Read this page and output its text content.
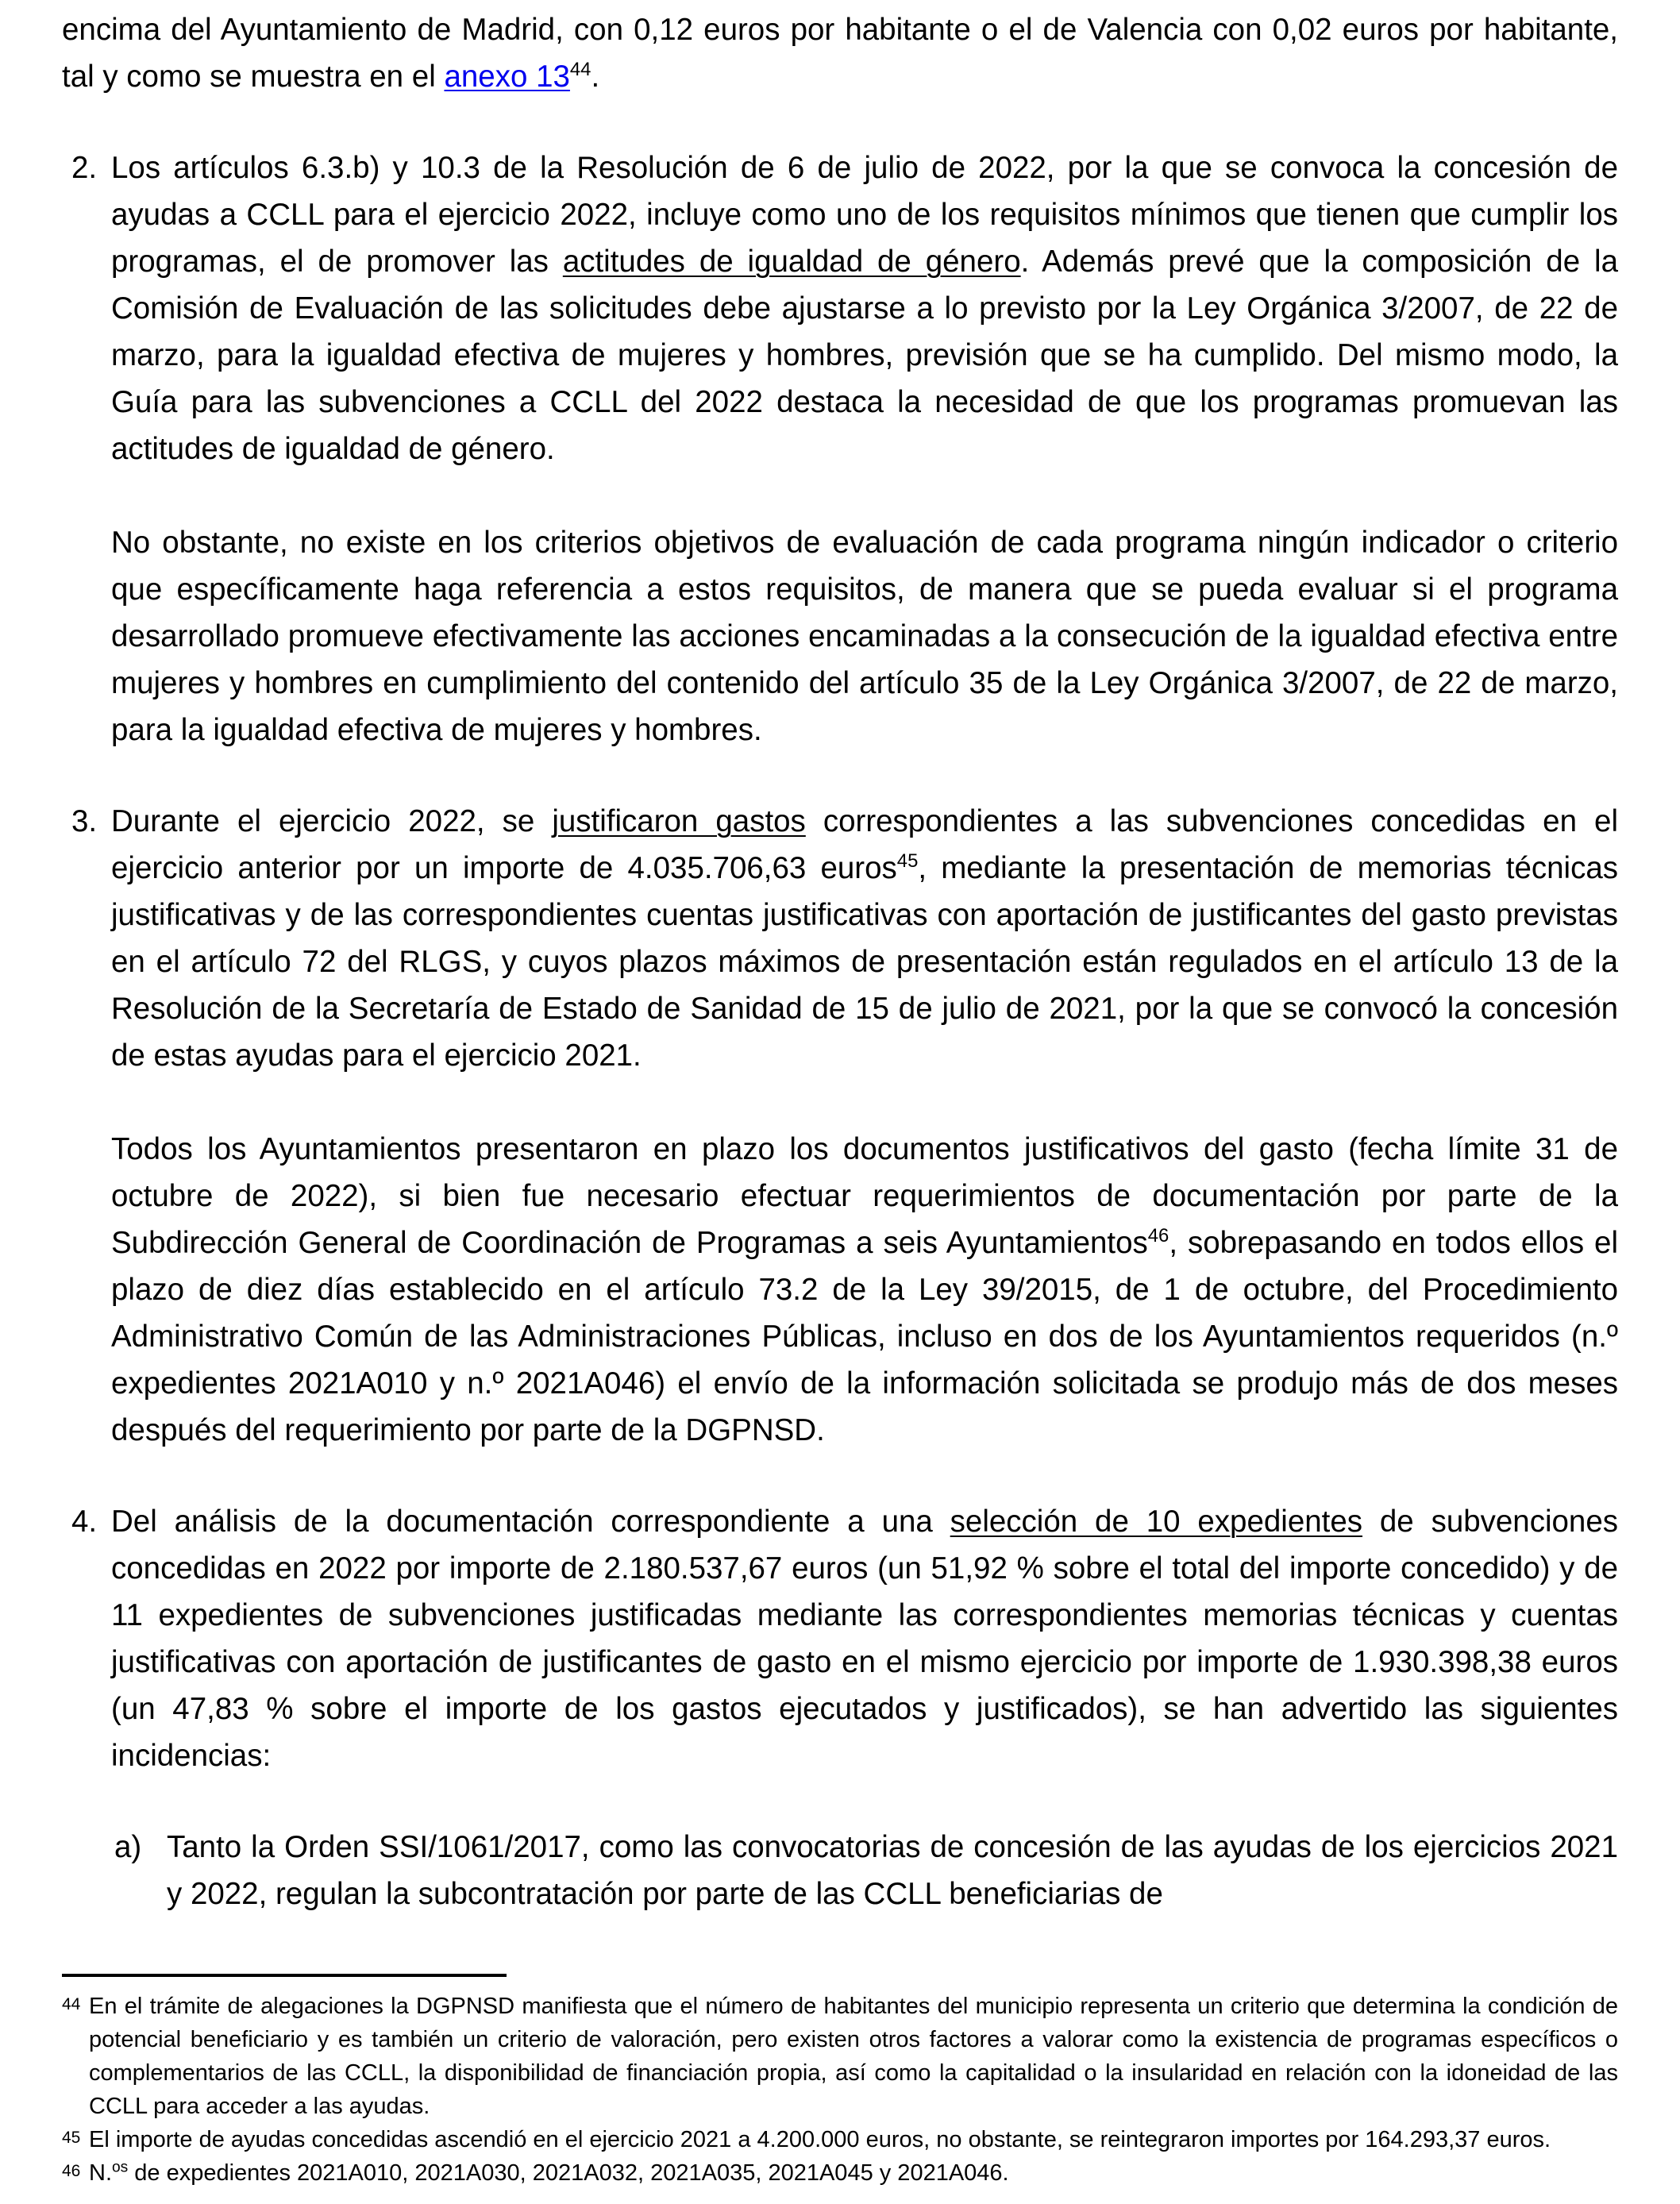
encima del Ayuntamiento de Madrid, con 0,12 euros por habitante o el de Valencia con 0,02 euros por habitante, tal y como se muestra en el anexo $13^{44}$.

2. Los artículos 6.3.b) y 10.3 de la Resolución de 6 de julio de 2022, por la que se convoca la concesión de ayudas a CCLL para el ejercicio 2022, incluye como uno de los requisitos mínimos que tienen que cumplir los programas, el de promover las actitudes de igualdad de género. Además prevé que la composición de la Comisión de Evaluación de las solicitudes debe ajustarse a lo previsto por la Ley Orgánica 3/2007, de 22 de marzo, para la igualdad efectiva de mujeres y hombres, previsión que se ha cumplido. Del mismo modo, la Guía para las subvenciones a CCLL del 2022 destaca la necesidad de que los programas promuevan las actitudes de igualdad de género.

No obstante, no existe en los criterios objetivos de evaluación de cada programa ningún indicador o criterio que específicamente haga referencia a estos requisitos, de manera que se pueda evaluar si el programa desarrollado promueve efectivamente las acciones encaminadas a la consecución de la igualdad efectiva entre mujeres y hombres en cumplimiento del contenido del artículo 35 de la Ley Orgánica 3/2007, de 22 de marzo, para la igualdad efectiva de mujeres y hombres.

3. Durante el ejercicio 2022, se justificaron gastos correspondientes a las subvenciones concedidas en el ejercicio anterior por un importe de 4.035.706,63 euros$^{45}$, mediante la presentación de memorias técnicas justificativas y de las correspondientes cuentas justificativas con aportación de justificantes del gasto previstas en el artículo 72 del RLGS, y cuyos plazos máximos de presentación están regulados en el artículo 13 de la Resolución de la Secretaría de Estado de Sanidad de 15 de julio de 2021, por la que se convocó la concesión de estas ayudas para el ejercicio 2021.

Todos los Ayuntamientos presentaron en plazo los documentos justificativos del gasto (fecha límite 31 de octubre de 2022), si bien fue necesario efectuar requerimientos de documentación por parte de la Subdirección General de Coordinación de Programas a seis Ayuntamientos$^{46}$, sobrepasando en todos ellos el plazo de diez días establecido en el artículo 73.2 de la Ley 39/2015, de 1 de octubre, del Procedimiento Administrativo Común de las Administraciones Públicas, incluso en dos de los Ayuntamientos requeridos (n.º expedientes 2021A010 y n.º 2021A046) el envío de la información solicitada se produjo más de dos meses después del requerimiento por parte de la DGPNSD.

4. Del análisis de la documentación correspondiente a una selección de 10 expedientes de subvenciones concedidas en 2022 por importe de 2.180.537,67 euros (un 51,92 % sobre el total del importe concedido) y de 11 expedientes de subvenciones justificadas mediante las correspondientes memorias técnicas y cuentas justificativas con aportación de justificantes de gasto en el mismo ejercicio por importe de 1.930.398,38 euros (un 47,83 % sobre el importe de los gastos ejecutados y justificados), se han advertido las siguientes incidencias:

a) Tanto la Orden SSI/1061/2017, como las convocatorias de concesión de las ayudas de los ejercicios 2021 y 2022, regulan la subcontratación por parte de las CCLL beneficiarias de

44 En el trámite de alegaciones la DGPNSD manifiesta que el número de habitantes del municipio representa un criterio que determina la condición de potencial beneficiario y es también un criterio de valoración, pero existen otros factores a valorar como la existencia de programas específicos o complementarios de las CCLL, la disponibilidad de financiación propia, así como la capitalidad o la insularidad en relación con la idoneidad de las CCLL para acceder a las ayudas.
45 El importe de ayudas concedidas ascendió en el ejercicio 2021 a 4.200.000 euros, no obstante, se reintegraron importes por 164.293,37 euros.
46 N.$^{os}$ de expedientes 2021A010, 2021A030, 2021A032, 2021A035, 2021A045 y 2021A046.
